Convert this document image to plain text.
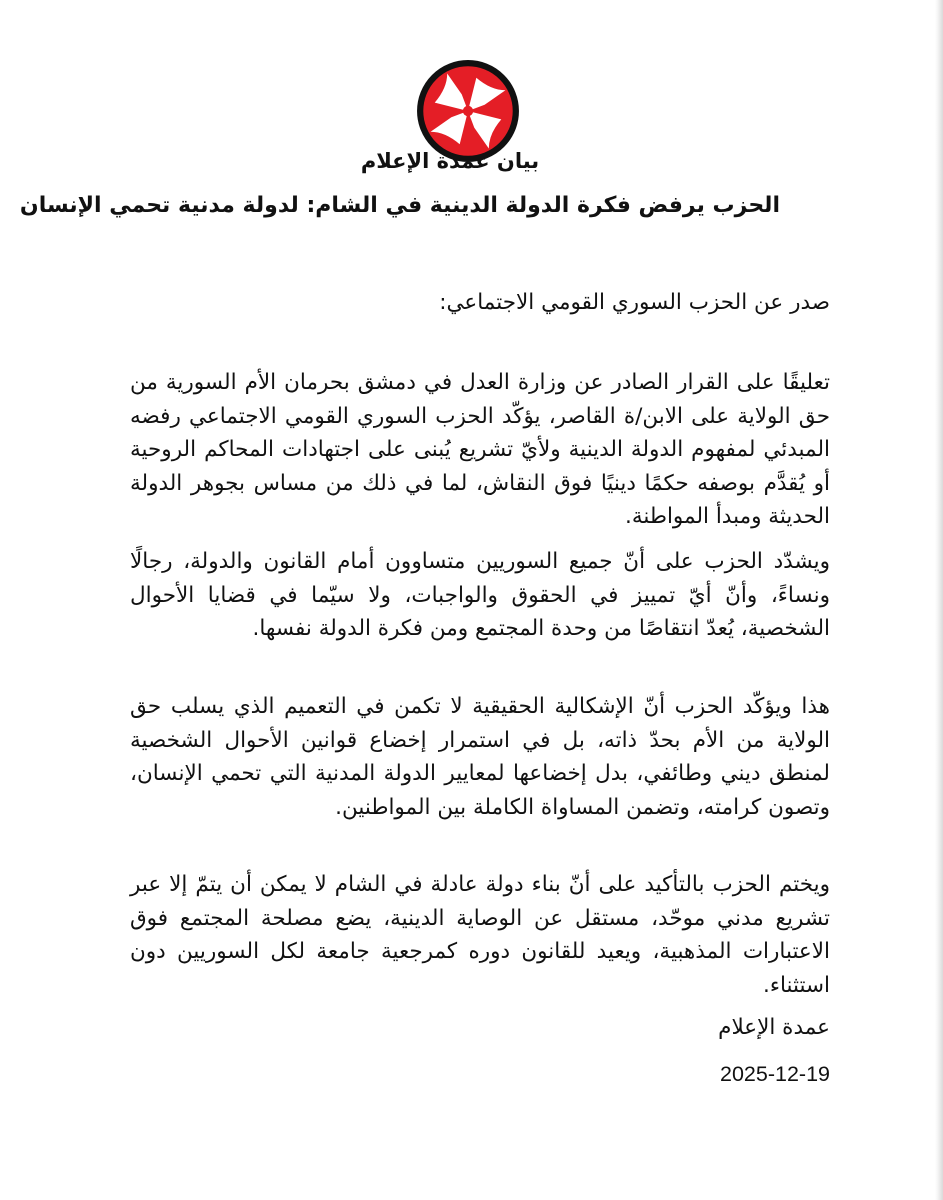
بيان عمدة الإعلام
الحزب يرفض فكرة الدولة الدينية في الشام: لدولة مدنية تحمي الإنسان
صدر عن الحزب السوري القومي الاجتماعي:
تعليقًا على القرار الصادر عن وزارة العدل في دمشق بحرمان الأم السورية من حق الولاية على الابن/ة القاصر، يؤكّد الحزب السوري القومي الاجتماعي رفضه المبدئي لمفهوم الدولة الدينية ولأيّ تشريع يُبنى على اجتهادات المحاكم الروحية أو يُقدَّم بوصفه حكمًا دينيًا فوق النقاش، لما في ذلك من مساس بجوهر الدولة الحديثة ومبدأ المواطنة.
ويشدّد الحزب على أنّ جميع السوريين متساوون أمام القانون والدولة، رجالًا ونساءً، وأنّ أيّ تمييز في الحقوق والواجبات، ولا سيّما في قضايا الأحوال الشخصية، يُعدّ انتقاصًا من وحدة المجتمع ومن فكرة الدولة نفسها.
هذا ويؤكّد الحزب أنّ الإشكالية الحقيقية لا تكمن في التعميم الذي يسلب حق الولاية من الأم بحدّ ذاته، بل في استمرار إخضاع قوانين الأحوال الشخصية لمنطق ديني وطائفي، بدل إخضاعها لمعايير الدولة المدنية التي تحمي الإنسان، وتصون كرامته، وتضمن المساواة الكاملة بين المواطنين.
ويختم الحزب بالتأكيد على أنّ بناء دولة عادلة في الشام لا يمكن أن يتمّ إلا عبر تشريع مدني موحّد، مستقل عن الوصاية الدينية، يضع مصلحة المجتمع فوق الاعتبارات المذهبية، ويعيد للقانون دوره كمرجعية جامعة لكل السوريين دون استثناء.
عمدة الإعلام
2025-12-19
